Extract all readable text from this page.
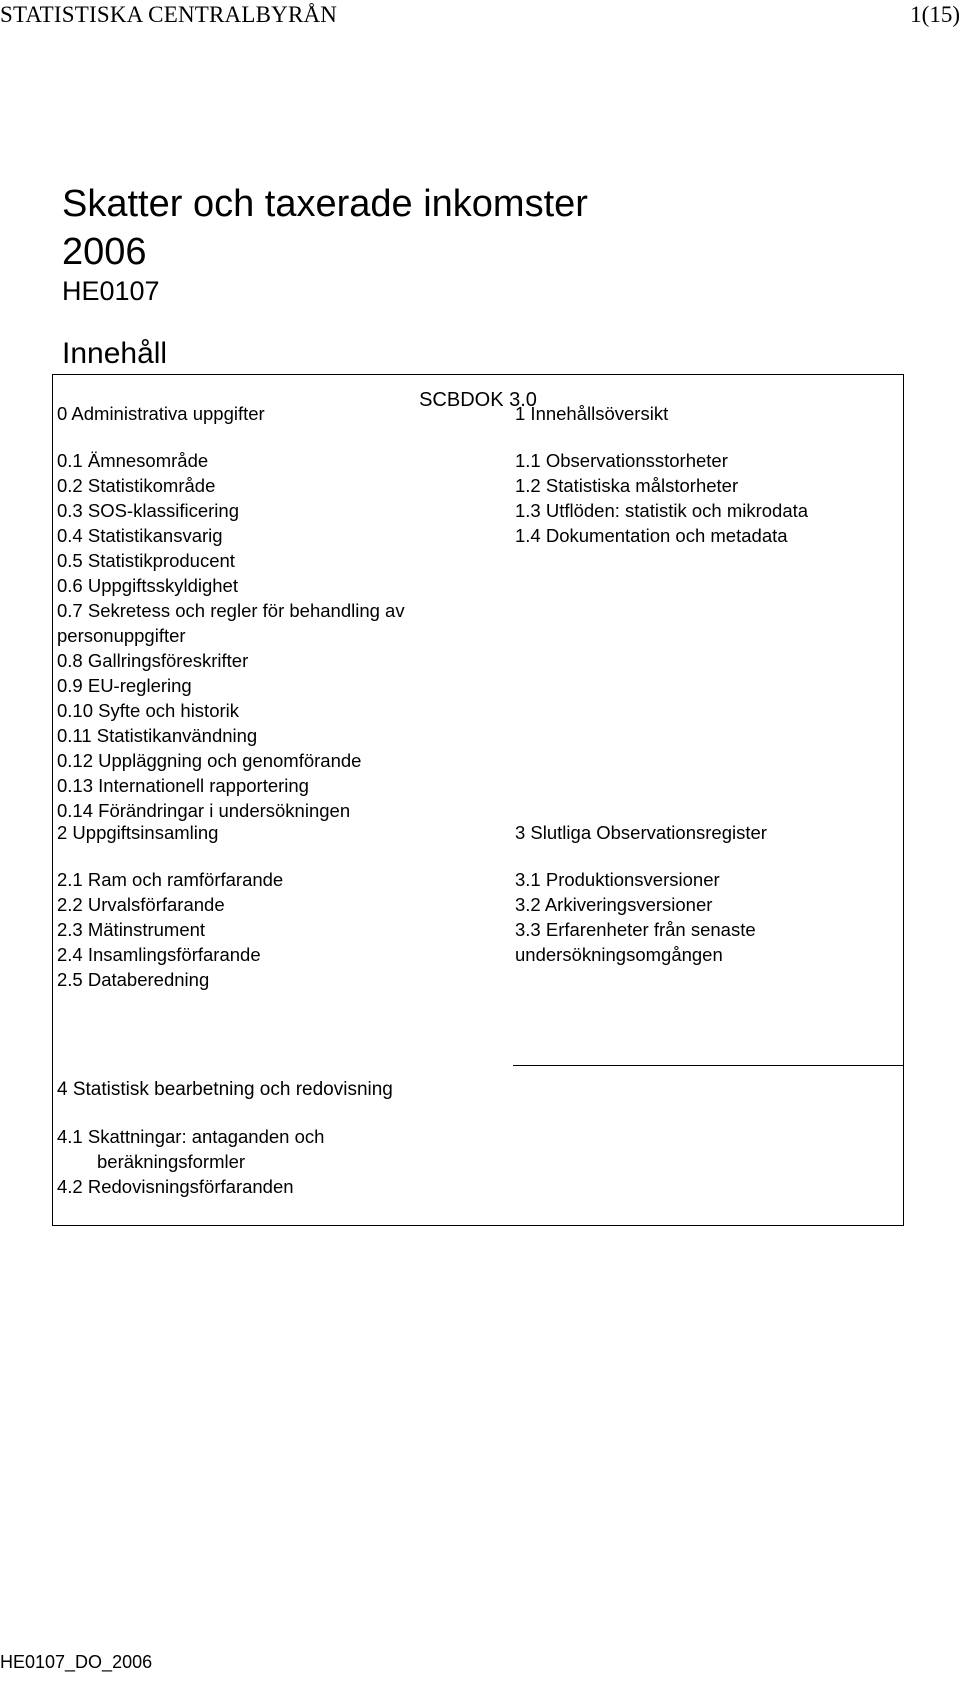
STATISTISKA CENTRALBYRÅN	1(15)
Skatter och taxerade inkomster
2006
HE0107
Innehåll
SCBDOK 3.0
0 Administrativa uppgifter
0.1 Ämnesområde
0.2 Statistikområde
0.3 SOS-klassificering
0.4 Statistikansvarig
0.5 Statistikproducent
0.6 Uppgiftsskyldighet
0.7 Sekretess och regler för behandling av
personuppgifter
0.8 Gallringsföreskrifter
0.9 EU-reglering
0.10 Syfte och historik
0.11 Statistikanvändning
0.12 Uppläggning och genomförande
0.13 Internationell rapportering
0.14 Förändringar i undersökningen
1 Innehållsöversikt
1.1 Observationsstorheter
1.2 Statistiska målstorheter
1.3 Utflöden: statistik och mikrodata
1.4 Dokumentation och metadata
2 Uppgiftsinsamling
2.1 Ram och ramförfarande
2.2 Urvalsförfarande
2.3 Mätinstrument
2.4 Insamlingsförfarande
2.5 Databeredning
3 Slutliga Observationsregister
3.1 Produktionsversioner
3.2 Arkiveringsversioner
3.3 Erfarenheter från senaste
undersökningsomgången
4 Statistisk bearbetning och redovisning
4.1 Skattningar: antaganden och
beräkningsformler
4.2 Redovisningsförfaranden
HE0107_DO_2006
